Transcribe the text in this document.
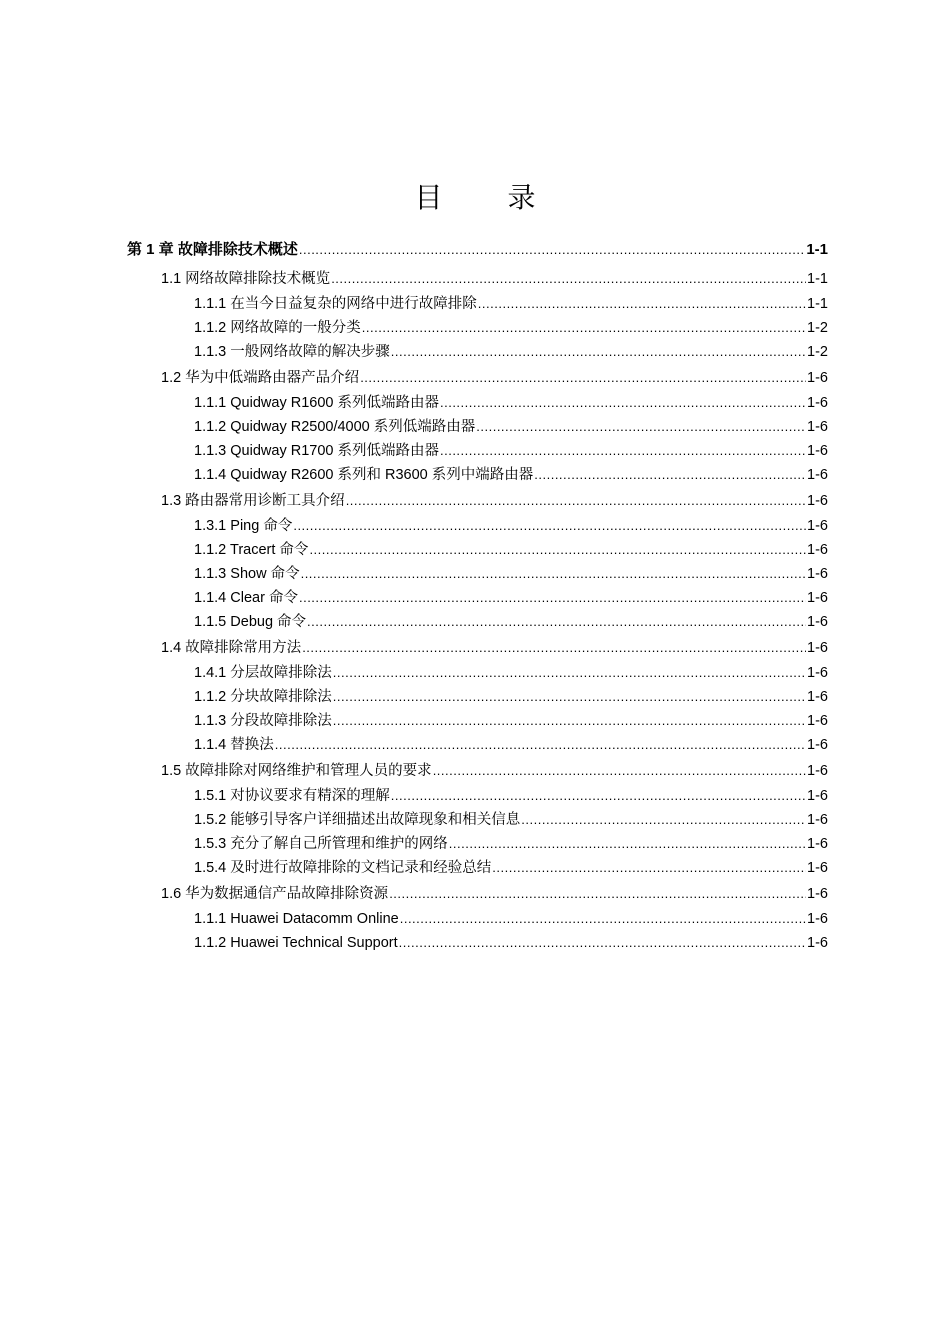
目 录
第 1 章 故障排除技术概述 .....	1-1
1.1 网络故障排除技术概览 .....	1-1
1.1.1 在当今日益复杂的网络中进行故障排除 .....	1-1
1.1.2 网络故障的一般分类 .....	1-2
1.1.3 一般网络故障的解决步骤 .....	1-2
1.2 华为中低端路由器产品介绍 .....	1-6
1.1.1 Quidway R1600 系列低端路由器 .....	1-6
1.1.2 Quidway R2500/4000 系列低端路由器 .....	1-6
1.1.3 Quidway R1700 系列低端路由器 .....	1-6
1.1.4 Quidway R2600 系列和 R3600 系列中端路由器 .....	1-6
1.3 路由器常用诊断工具介绍 .....	1-6
1.3.1 Ping 命令 .....	1-6
1.1.2 Tracert 命令 .....	1-6
1.1.3 Show 命令 .....	1-6
1.1.4 Clear 命令 .....	1-6
1.1.5 Debug 命令 .....	1-6
1.4 故障排除常用方法 .....	1-6
1.4.1 分层故障排除法 .....	1-6
1.1.2 分块故障排除法 .....	1-6
1.1.3 分段故障排除法 .....	1-6
1.1.4 替换法 .....	1-6
1.5 故障排除对网络维护和管理人员的要求 .....	1-6
1.5.1 对协议要求有精深的理解 .....	1-6
1.5.2 能够引导客户详细描述出故障现象和相关信息 .....	1-6
1.5.3 充分了解自己所管理和维护的网络 .....	1-6
1.5.4 及时进行故障排除的文档记录和经验总结 .....	1-6
1.6 华为数据通信产品故障排除资源 .....	1-6
1.1.1 Huawei Datacomm Online .....	1-6
1.1.2 Huawei Technical Support .....	1-6
